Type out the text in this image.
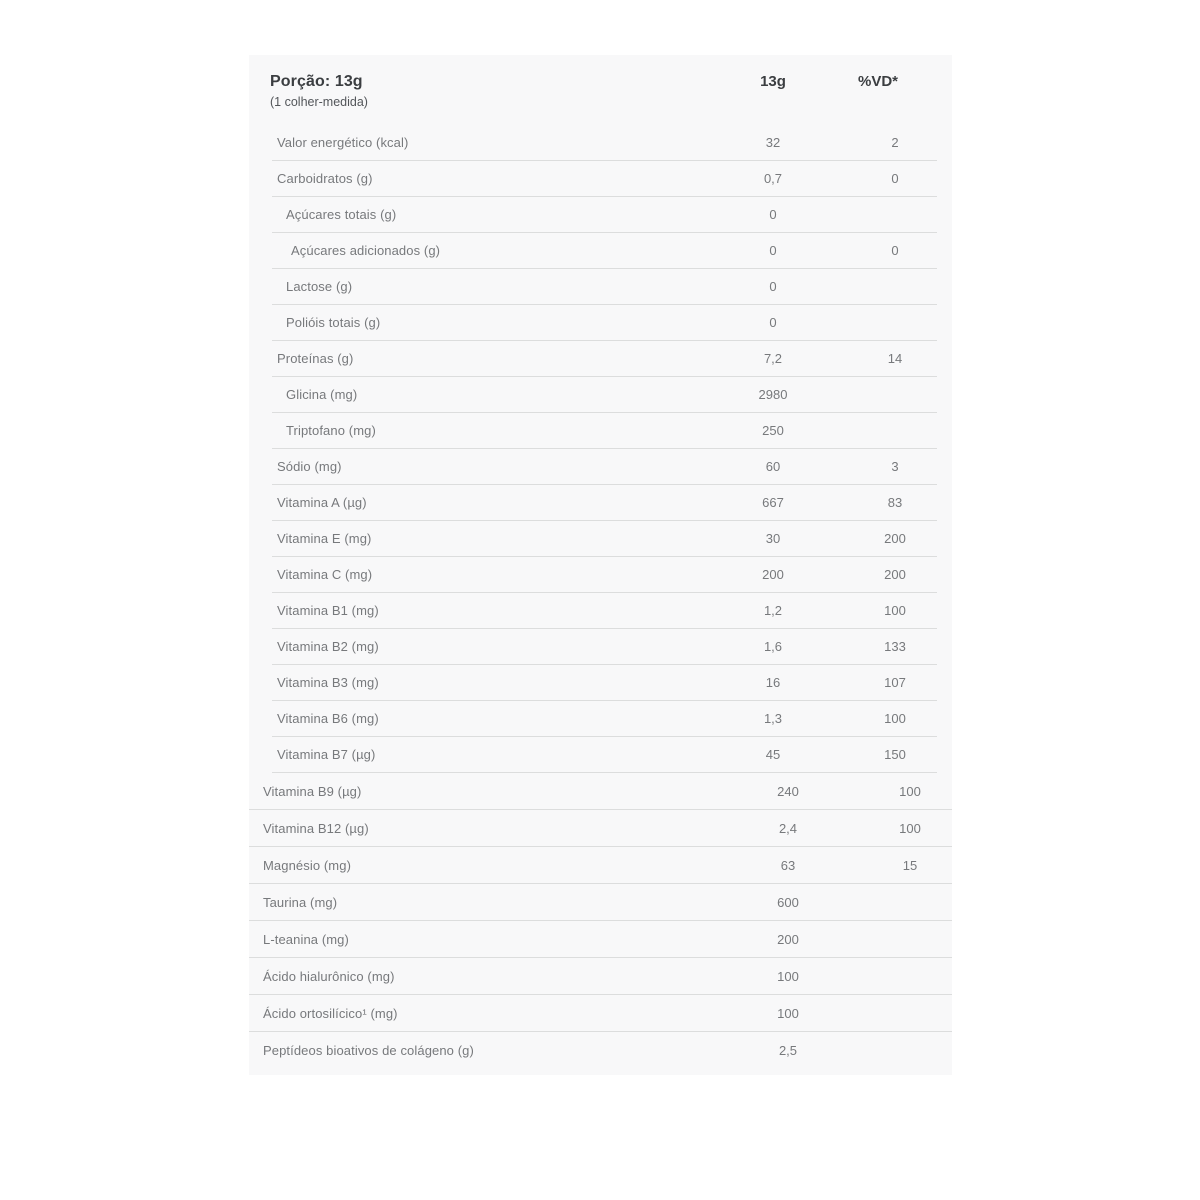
Porção: 13g
(1 colher-medida)
13g	%VD*
Valor energético (kcal)	32	2
Carboidratos (g)	0,7	0
Açúcares totais (g)	0
Açúcares adicionados (g)	0	0
Lactose (g)	0
Polióis totais (g)	0
Proteínas (g)	7,2	14
Glicina (mg)	2980
Triptofano (mg)	250
Sódio (mg)	60	3
Vitamina A (µg)	667	83
Vitamina E (mg)	30	200
Vitamina C (mg)	200	200
Vitamina B1 (mg)	1,2	100
Vitamina B2 (mg)	1,6	133
Vitamina B3 (mg)	16	107
Vitamina B6 (mg)	1,3	100
Vitamina B7 (µg)	45	150
Vitamina B9 (µg)	240	100
Vitamina B12 (µg)	2,4	100
Magnésio (mg)	63	15
Taurina (mg)	600
L-teanina (mg)	200
Ácido hialurônico (mg)	100
Ácido ortosilícico¹ (mg)	100
Peptídeos bioativos de colágeno (g)	2,5
